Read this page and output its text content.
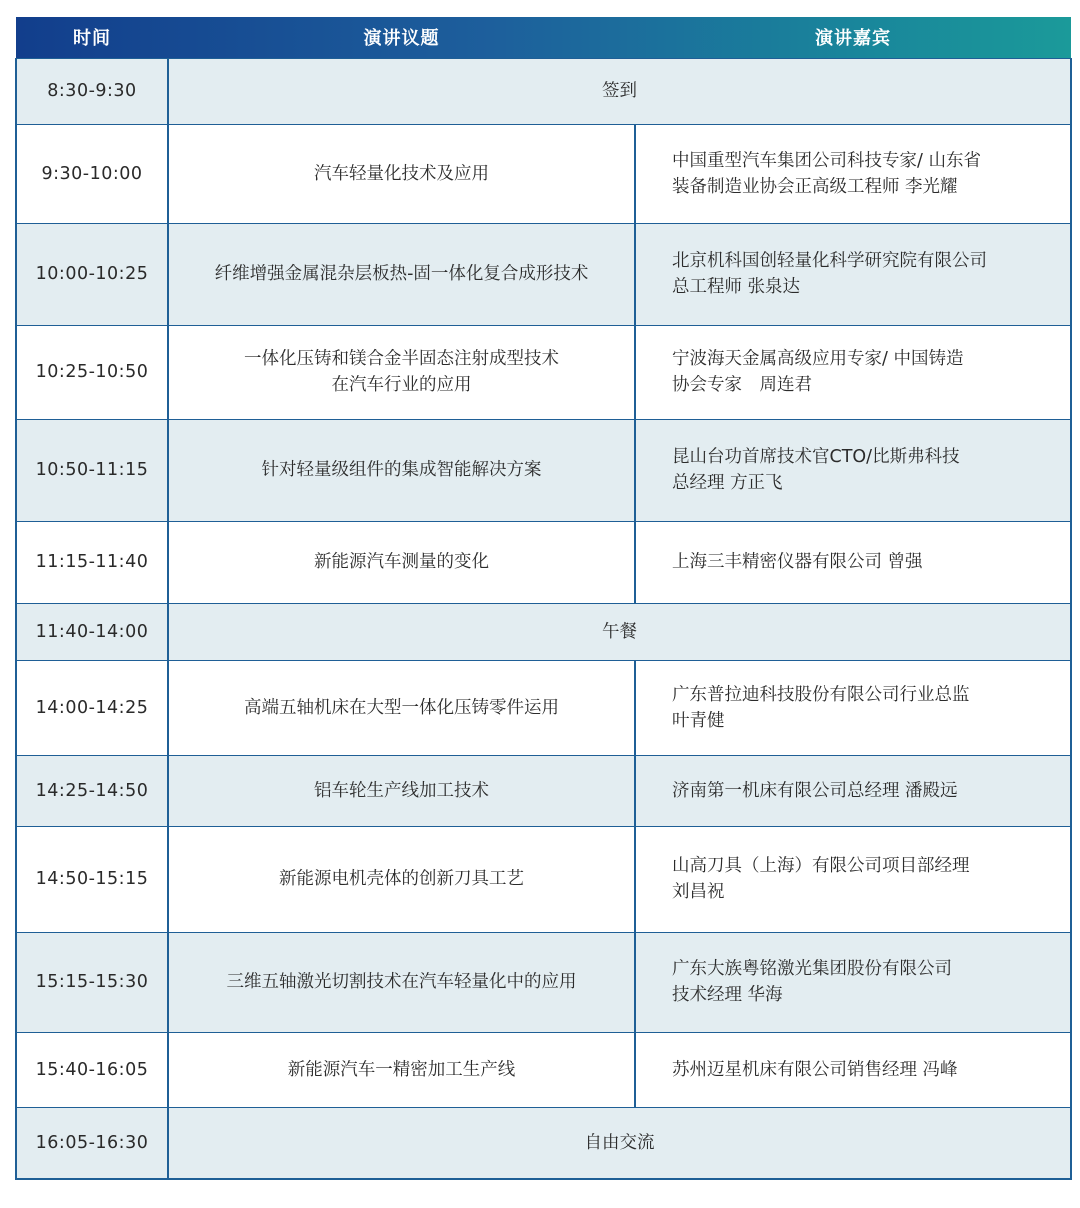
时间	演讲议题	演讲嘉宾
8:30-9:30	签到	
9:30-10:00	汽车轻量化技术及应用	中国重型汽车集团公司科技专家/ 山东省
装备制造业协会正高级工程师 李光耀

10:00-10:25	纤维增强金属混杂层板热-固一体化复合成形技术	北京机科国创轻量化科学研究院有限公司
总工程师 张泉达

10:25-10:50	一体化压铸和镁合金半固态注射成型技术
在汽车行业的应用	宁波海天金属高级应用专家/ 中国铸造
协会专家　周连君

10:50-11:15	针对轻量级组件的集成智能解决方案	昆山台功首席技术官CTO/比斯弗科技
总经理 方正飞

11:15-11:40	新能源汽车测量的变化	上海三丰精密仪器有限公司 曾强

11:40-14:00	午餐	
14:00-14:25	高端五轴机床在大型一体化压铸零件运用	广东普拉迪科技股份有限公司行业总监
叶青健

14:25-14:50	铝车轮生产线加工技术	济南第一机床有限公司总经理 潘殿远

14:50-15:15	新能源电机壳体的创新刀具工艺	山高刀具（上海）有限公司项目部经理
刘昌祝

15:15-15:30	三维五轴激光切割技术在汽车轻量化中的应用	广东大族粤铭激光集团股份有限公司
技术经理 华海

15:40-16:05	新能源汽车一精密加工生产线	苏州迈星机床有限公司销售经理 冯峰

16:05-16:30	自由交流	
